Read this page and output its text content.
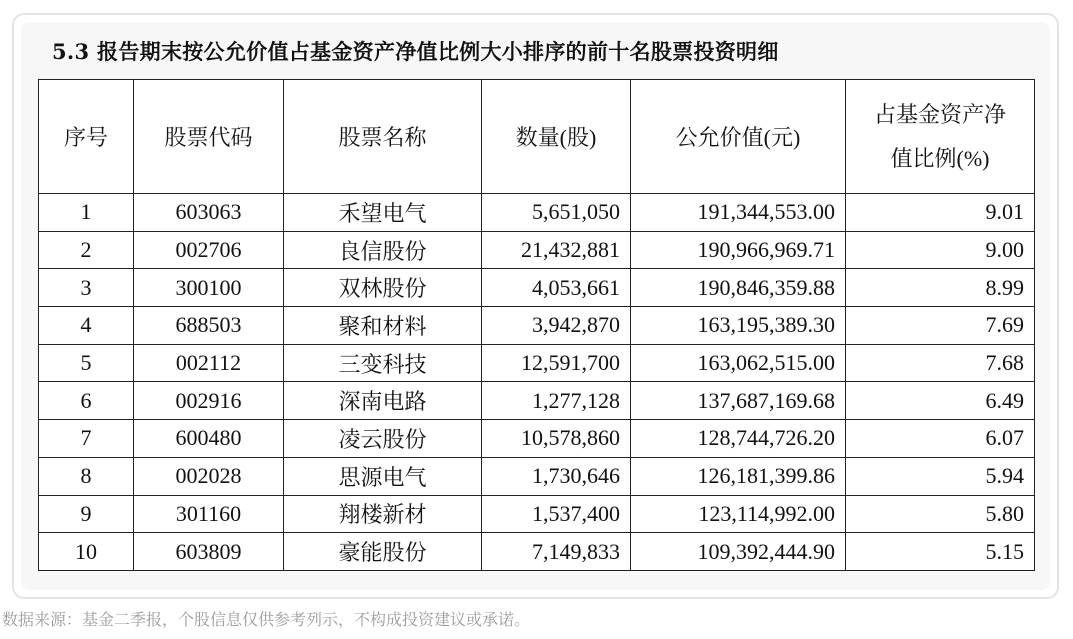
5.3 报告期末按公允价值占基金资产净值比例大小排序的前十名股票投资明细
序号	股票代码	股票名称	数量(股)	公允价值(元)	占基金资产净
值比例(%)

1	603063	禾望电气	5,651,050	191,344,553.00	9.01
2	002706	良信股份	21,432,881	190,966,969.71	9.00
3	300100	双林股份	4,053,661	190,846,359.88	8.99
4	688503	聚和材料	3,942,870	163,195,389.30	7.69
5	002112	三变科技	12,591,700	163,062,515.00	7.68
6	002916	深南电路	1,277,128	137,687,169.68	6.49
7	600480	凌云股份	10,578,860	128,744,726.20	6.07
8	002028	思源电气	1,730,646	126,181,399.86	5.94
9	301160	翔楼新材	1,537,400	123,114,992.00	5.80
10	603809	豪能股份	7,149,833	109,392,444.90	5.15
数据来源：基金二季报，个股信息仅供参考列示，不构成投资建议或承诺。
